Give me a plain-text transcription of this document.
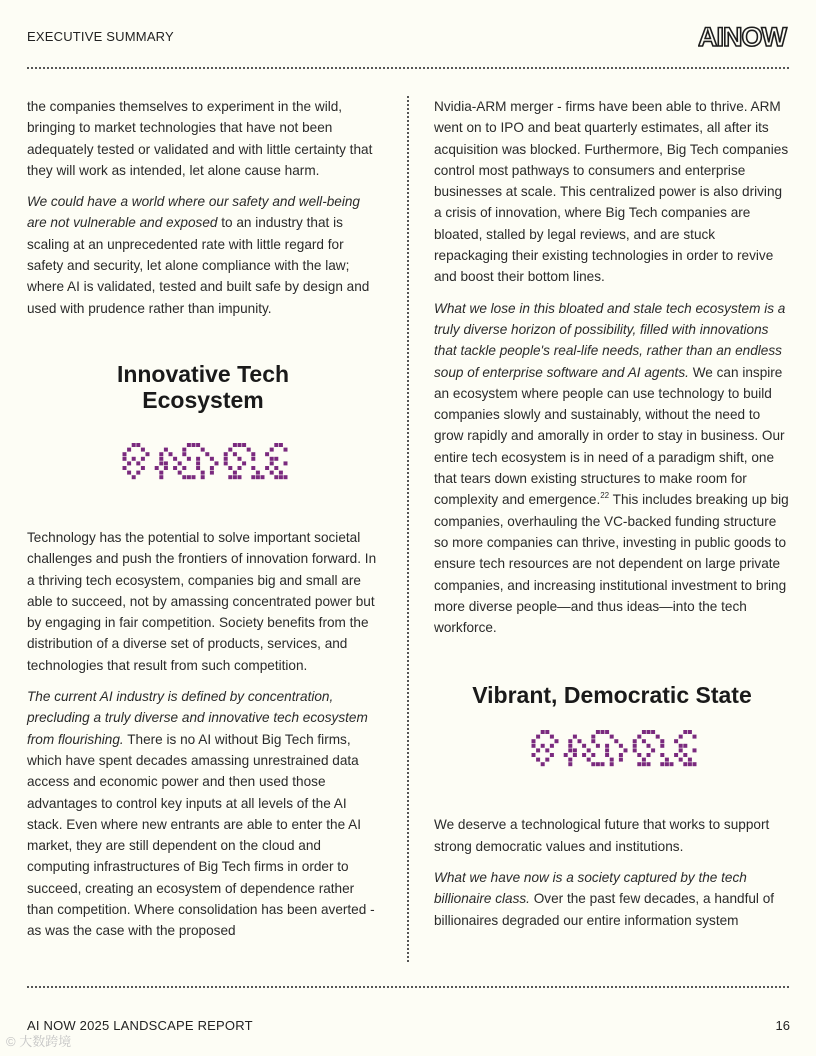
EXECUTIVE SUMMARY	AINOW

the companies themselves to experiment in the wild, bringing to market technologies that have not been adequately tested or validated and with little certainty that they will work as intended, let alone cause harm.

We could have a world where our safety and well-being are not vulnerable and exposed to an industry that is scaling at an unprecedented rate with little regard for safety and security, let alone compliance with the law; where AI is validated, tested and built safe by design and used with prudence rather than impunity.

Innovative Tech Ecosystem

Technology has the potential to solve important societal challenges and push the frontiers of innovation forward. In a thriving tech ecosystem, companies big and small are able to succeed, not by amassing concentrated power but by engaging in fair competition. Society benefits from the distribution of a diverse set of products, services, and technologies that result from such competition.

The current AI industry is defined by concentration, precluding a truly diverse and innovative tech ecosystem from flourishing. There is no AI without Big Tech firms, which have spent decades amassing unrestrained data access and economic power and then used those advantages to control key inputs at all levels of the AI stack. Even where new entrants are able to enter the AI market, they are still dependent on the cloud and computing infrastructures of Big Tech firms in order to succeed, creating an ecosystem of dependence rather than competition. Where consolidation has been averted - as was the case with the proposed

Nvidia-ARM merger - firms have been able to thrive. ARM went on to IPO and beat quarterly estimates, all after its acquisition was blocked. Furthermore, Big Tech companies control most pathways to consumers and enterprise businesses at scale. This centralized power is also driving a crisis of innovation, where Big Tech companies are bloated, stalled by legal reviews, and are stuck repackaging their existing technologies in order to revive and boost their bottom lines.

What we lose in this bloated and stale tech ecosystem is a truly diverse horizon of possibility, filled with innovations that tackle people's real-life needs, rather than an endless soup of enterprise software and AI agents. We can inspire an ecosystem where people can use technology to build companies slowly and sustainably, without the need to grow rapidly and amorally in order to stay in business. Our entire tech ecosystem is in need of a paradigm shift, one that tears down existing structures to make room for complexity and emergence.$^{22}$ This includes breaking up big companies, overhauling the VC-backed funding structure so more companies can thrive, investing in public goods to ensure tech resources are not dependent on large private companies, and increasing institutional investment to bring more diverse people—and thus ideas—into the tech workforce.

Vibrant, Democratic State

We deserve a technological future that works to support strong democratic values and institutions.

What we have now is a society captured by the tech billionaire class. Over the past few decades, a handful of billionaires degraded our entire information system

AI NOW 2025 LANDSCAPE REPORT	16
© 大数跨境
